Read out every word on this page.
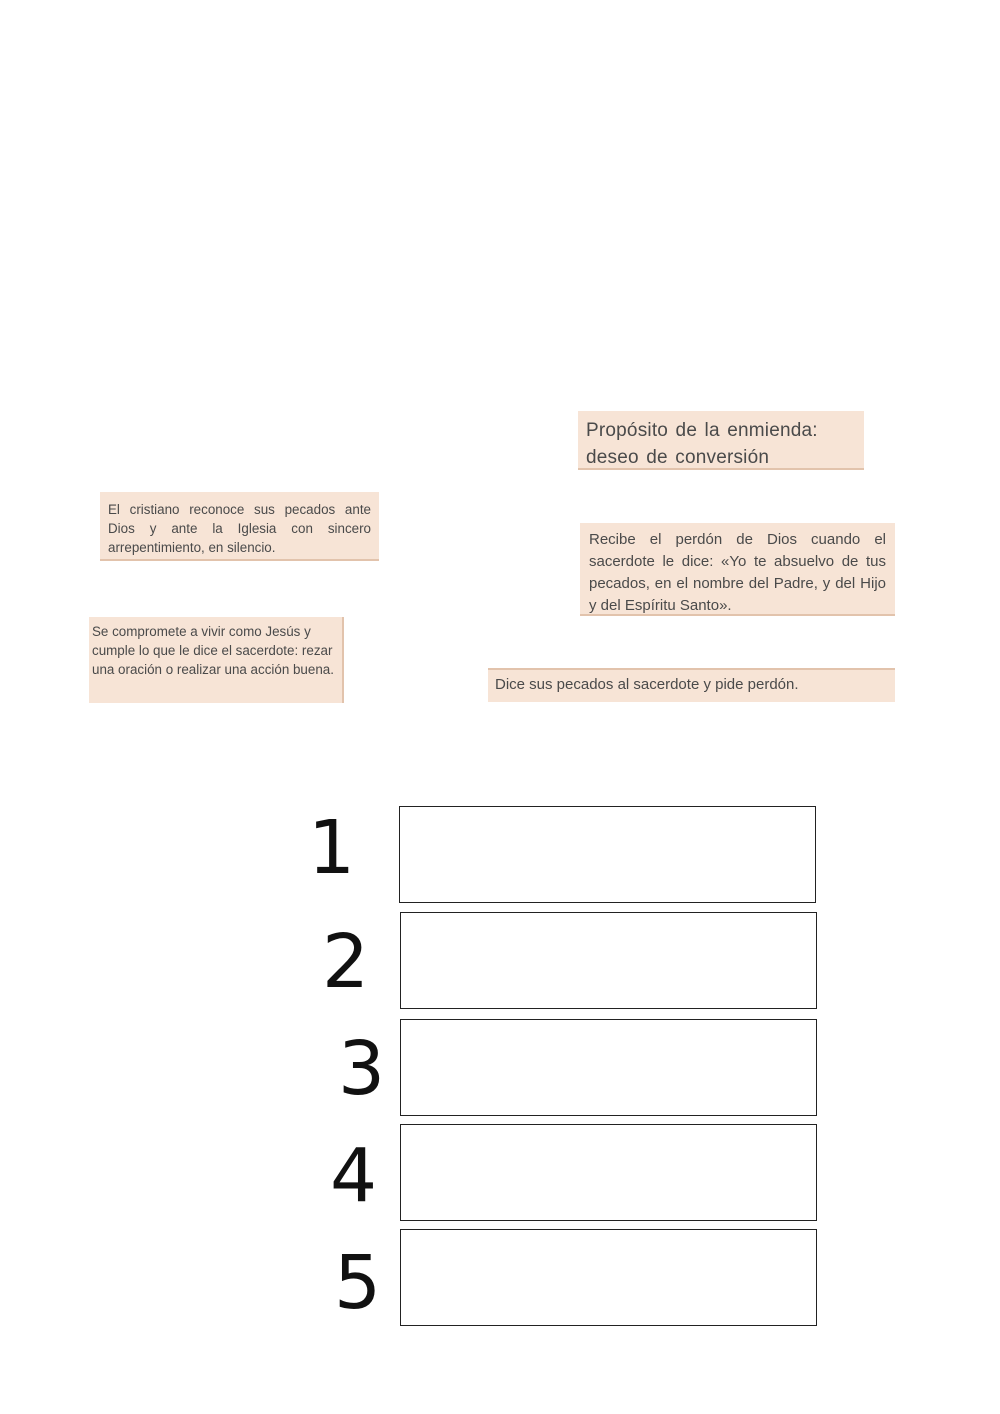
Propósito de la enmienda: deseo de conversión
El cristiano reconoce sus pecados ante Dios y ante la Iglesia con sincero arrepentimiento, en silencio.	Recibe el perdón de Dios cuando el sacerdote le dice: «Yo te absuelvo de tus pecados, en el nombre del Padre, y del Hijo y del Espíritu Santo».
Se compromete a vivir como Jesús y cumple lo que le dice el sacerdote: rezar una oración o realizar una acción buena.
Dice sus pecados al sacerdote y pide perdón.
1
2
3
4
5
